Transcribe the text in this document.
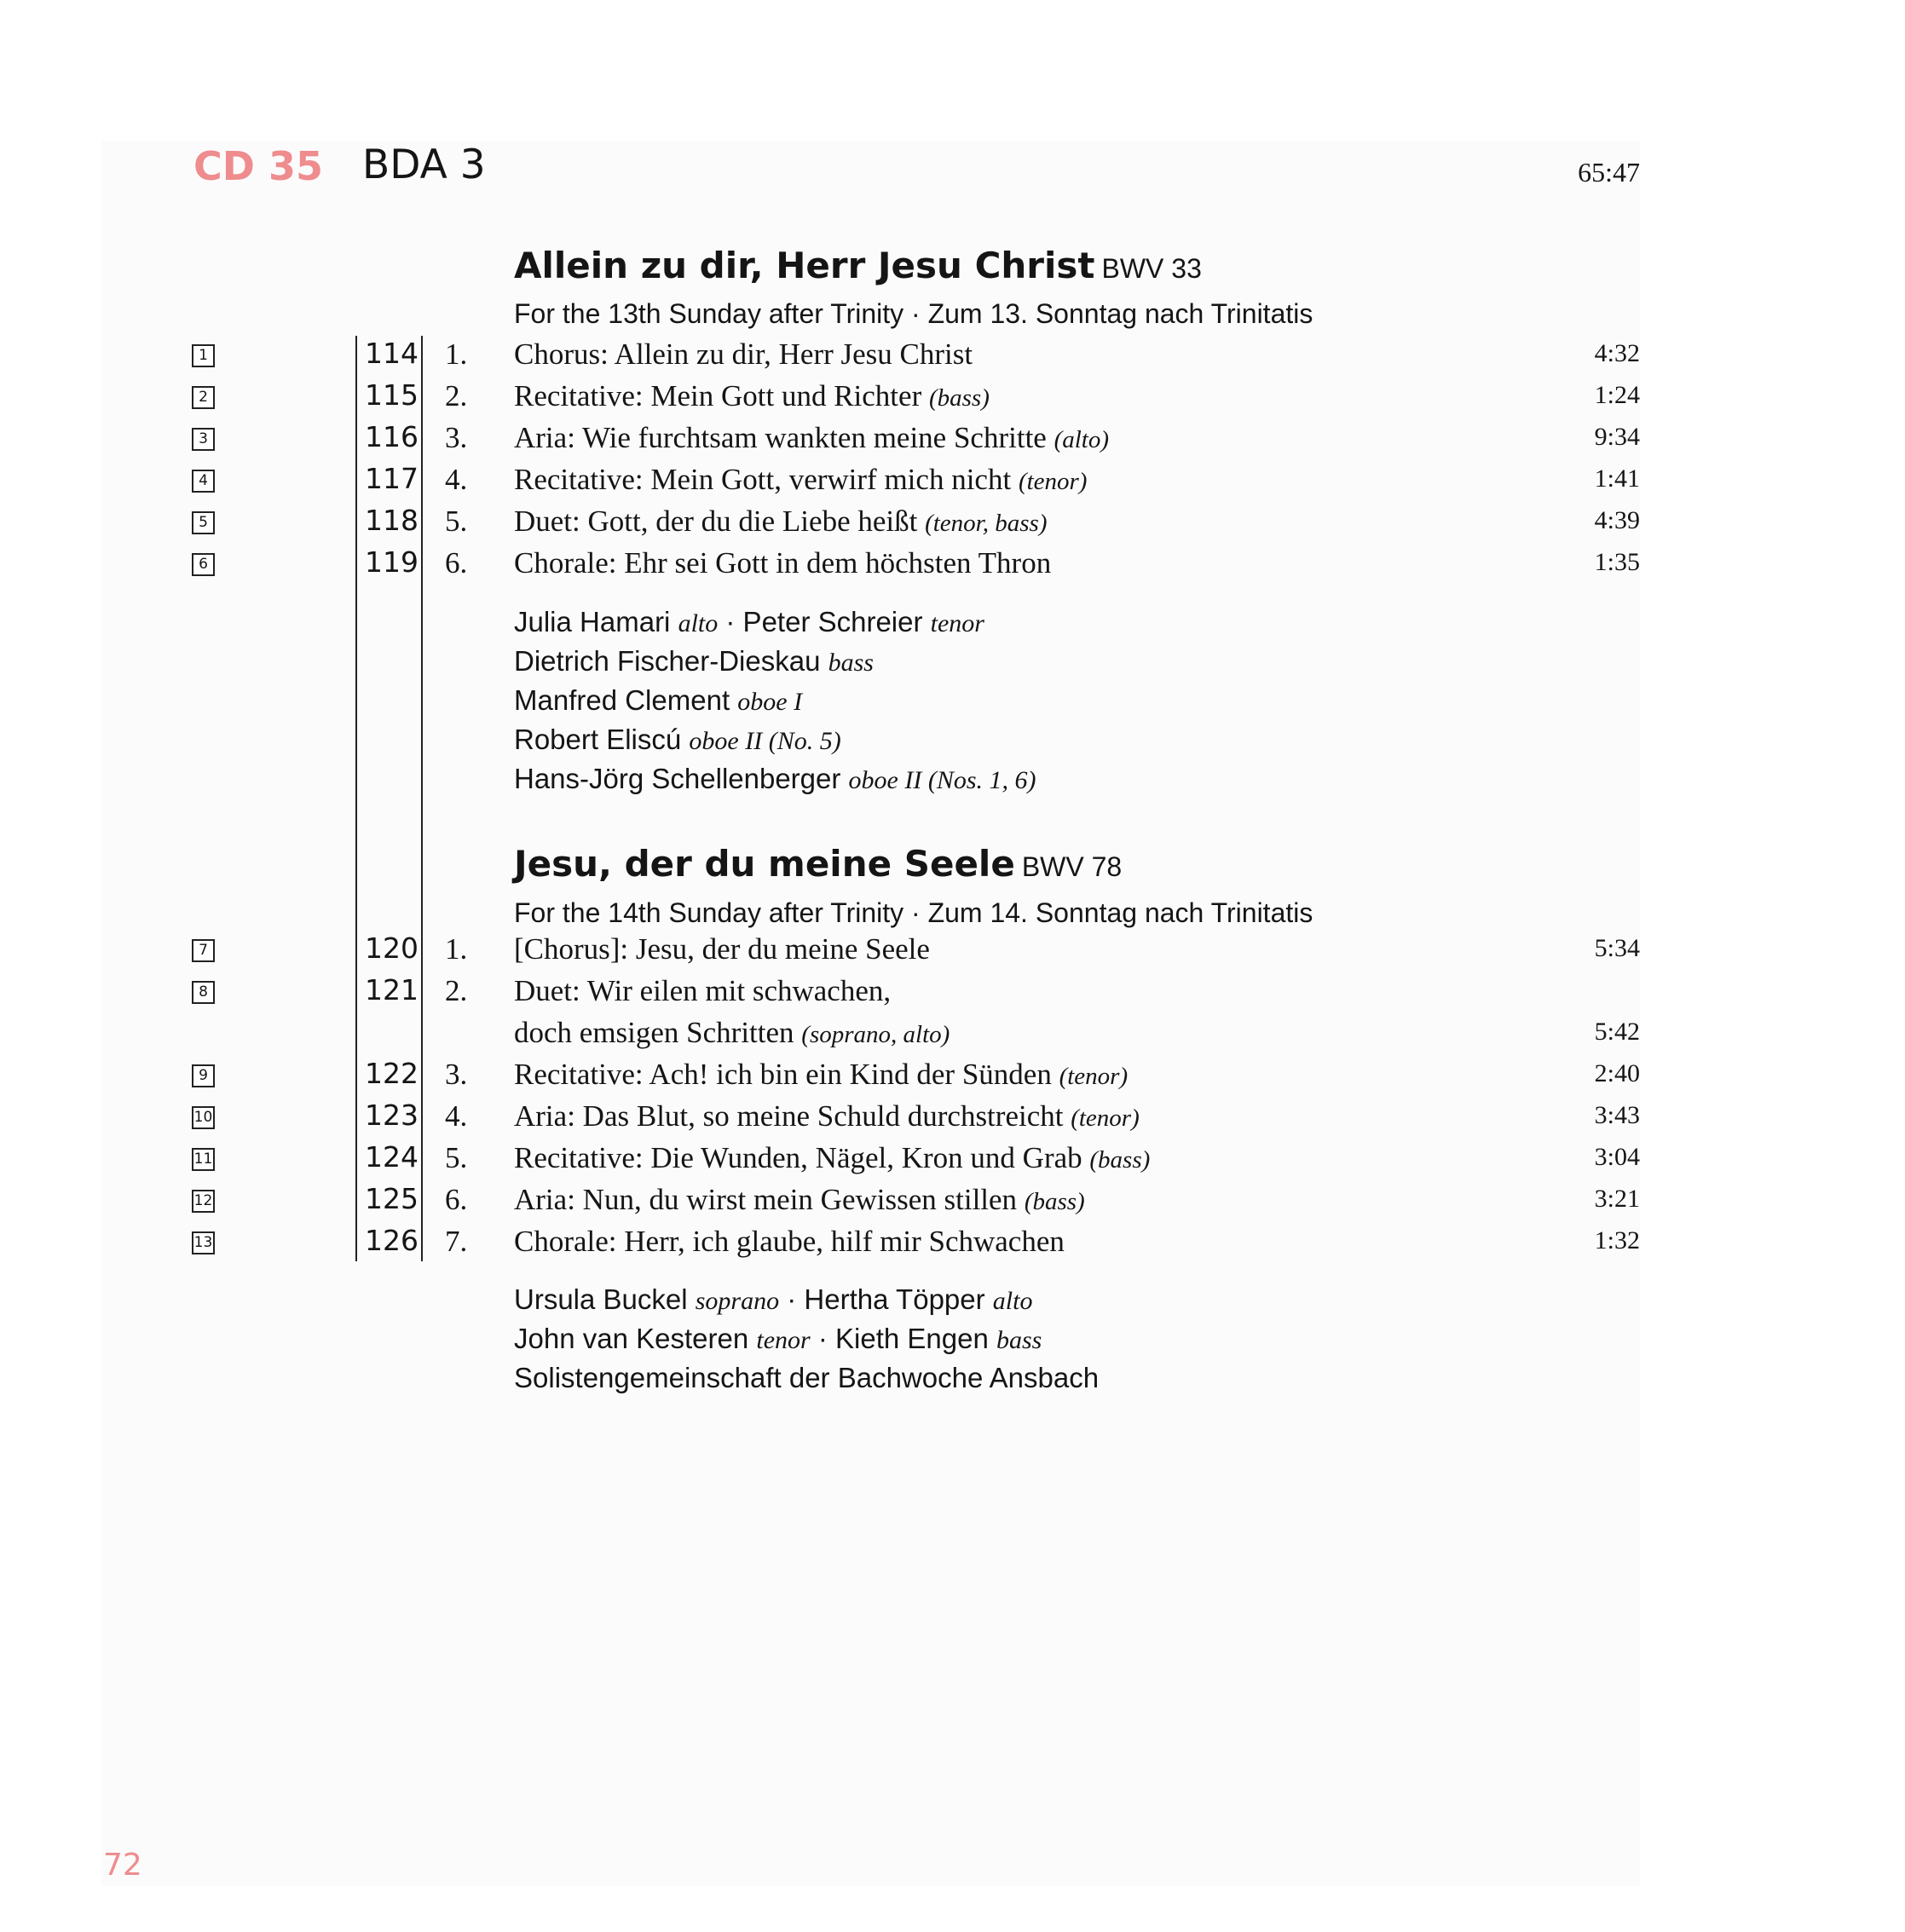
CD 35 BDA 3	65:47
Allein zu dir, Herr Jesu Christ BWV 33
For the 13th Sunday after Trinity · Zum 13. Sonntag nach Trinitatis
1	114 1. Chorus: Allein zu dir, Herr Jesu Christ	4:32
2	115 2. Recitative: Mein Gott und Richter (bass)	1:24
3	116 3. Aria: Wie furchtsam wankten meine Schritte (alto)	9:34
4	117 4. Recitative: Mein Gott, verwirf mich nicht (tenor)	1:41
5	118 5. Duet: Gott, der du die Liebe heißt (tenor, bass)	4:39
6	119 6. Chorale: Ehr sei Gott in dem höchsten Thron	1:35
Julia Hamari alto · Peter Schreier tenor
Dietrich Fischer-Dieskau bass
Manfred Clement oboe I
Robert Eliscú oboe II (No. 5)
Hans-Jörg Schellenberger oboe II (Nos. 1, 6)
Jesu, der du meine Seele BWV 78
For the 14th Sunday after Trinity · Zum 14. Sonntag nach Trinitatis
7	120 1. [Chorus]: Jesu, der du meine Seele	5:34
8	121 2. Duet: Wir eilen mit schwachen,
doch emsigen Schritten (soprano, alto)	5:42
9	122 3. Recitative: Ach! ich bin ein Kind der Sünden (tenor)	2:40
10	123 4. Aria: Das Blut, so meine Schuld durchstreicht (tenor)	3:43
11	124 5. Recitative: Die Wunden, Nägel, Kron und Grab (bass)	3:04
12	125 6. Aria: Nun, du wirst mein Gewissen stillen (bass)	3:21
13	126 7. Chorale: Herr, ich glaube, hilf mir Schwachen	1:32
Ursula Buckel soprano · Hertha Töpper alto
John van Kesteren tenor · Kieth Engen bass
Solistengemeinschaft der Bachwoche Ansbach
72
